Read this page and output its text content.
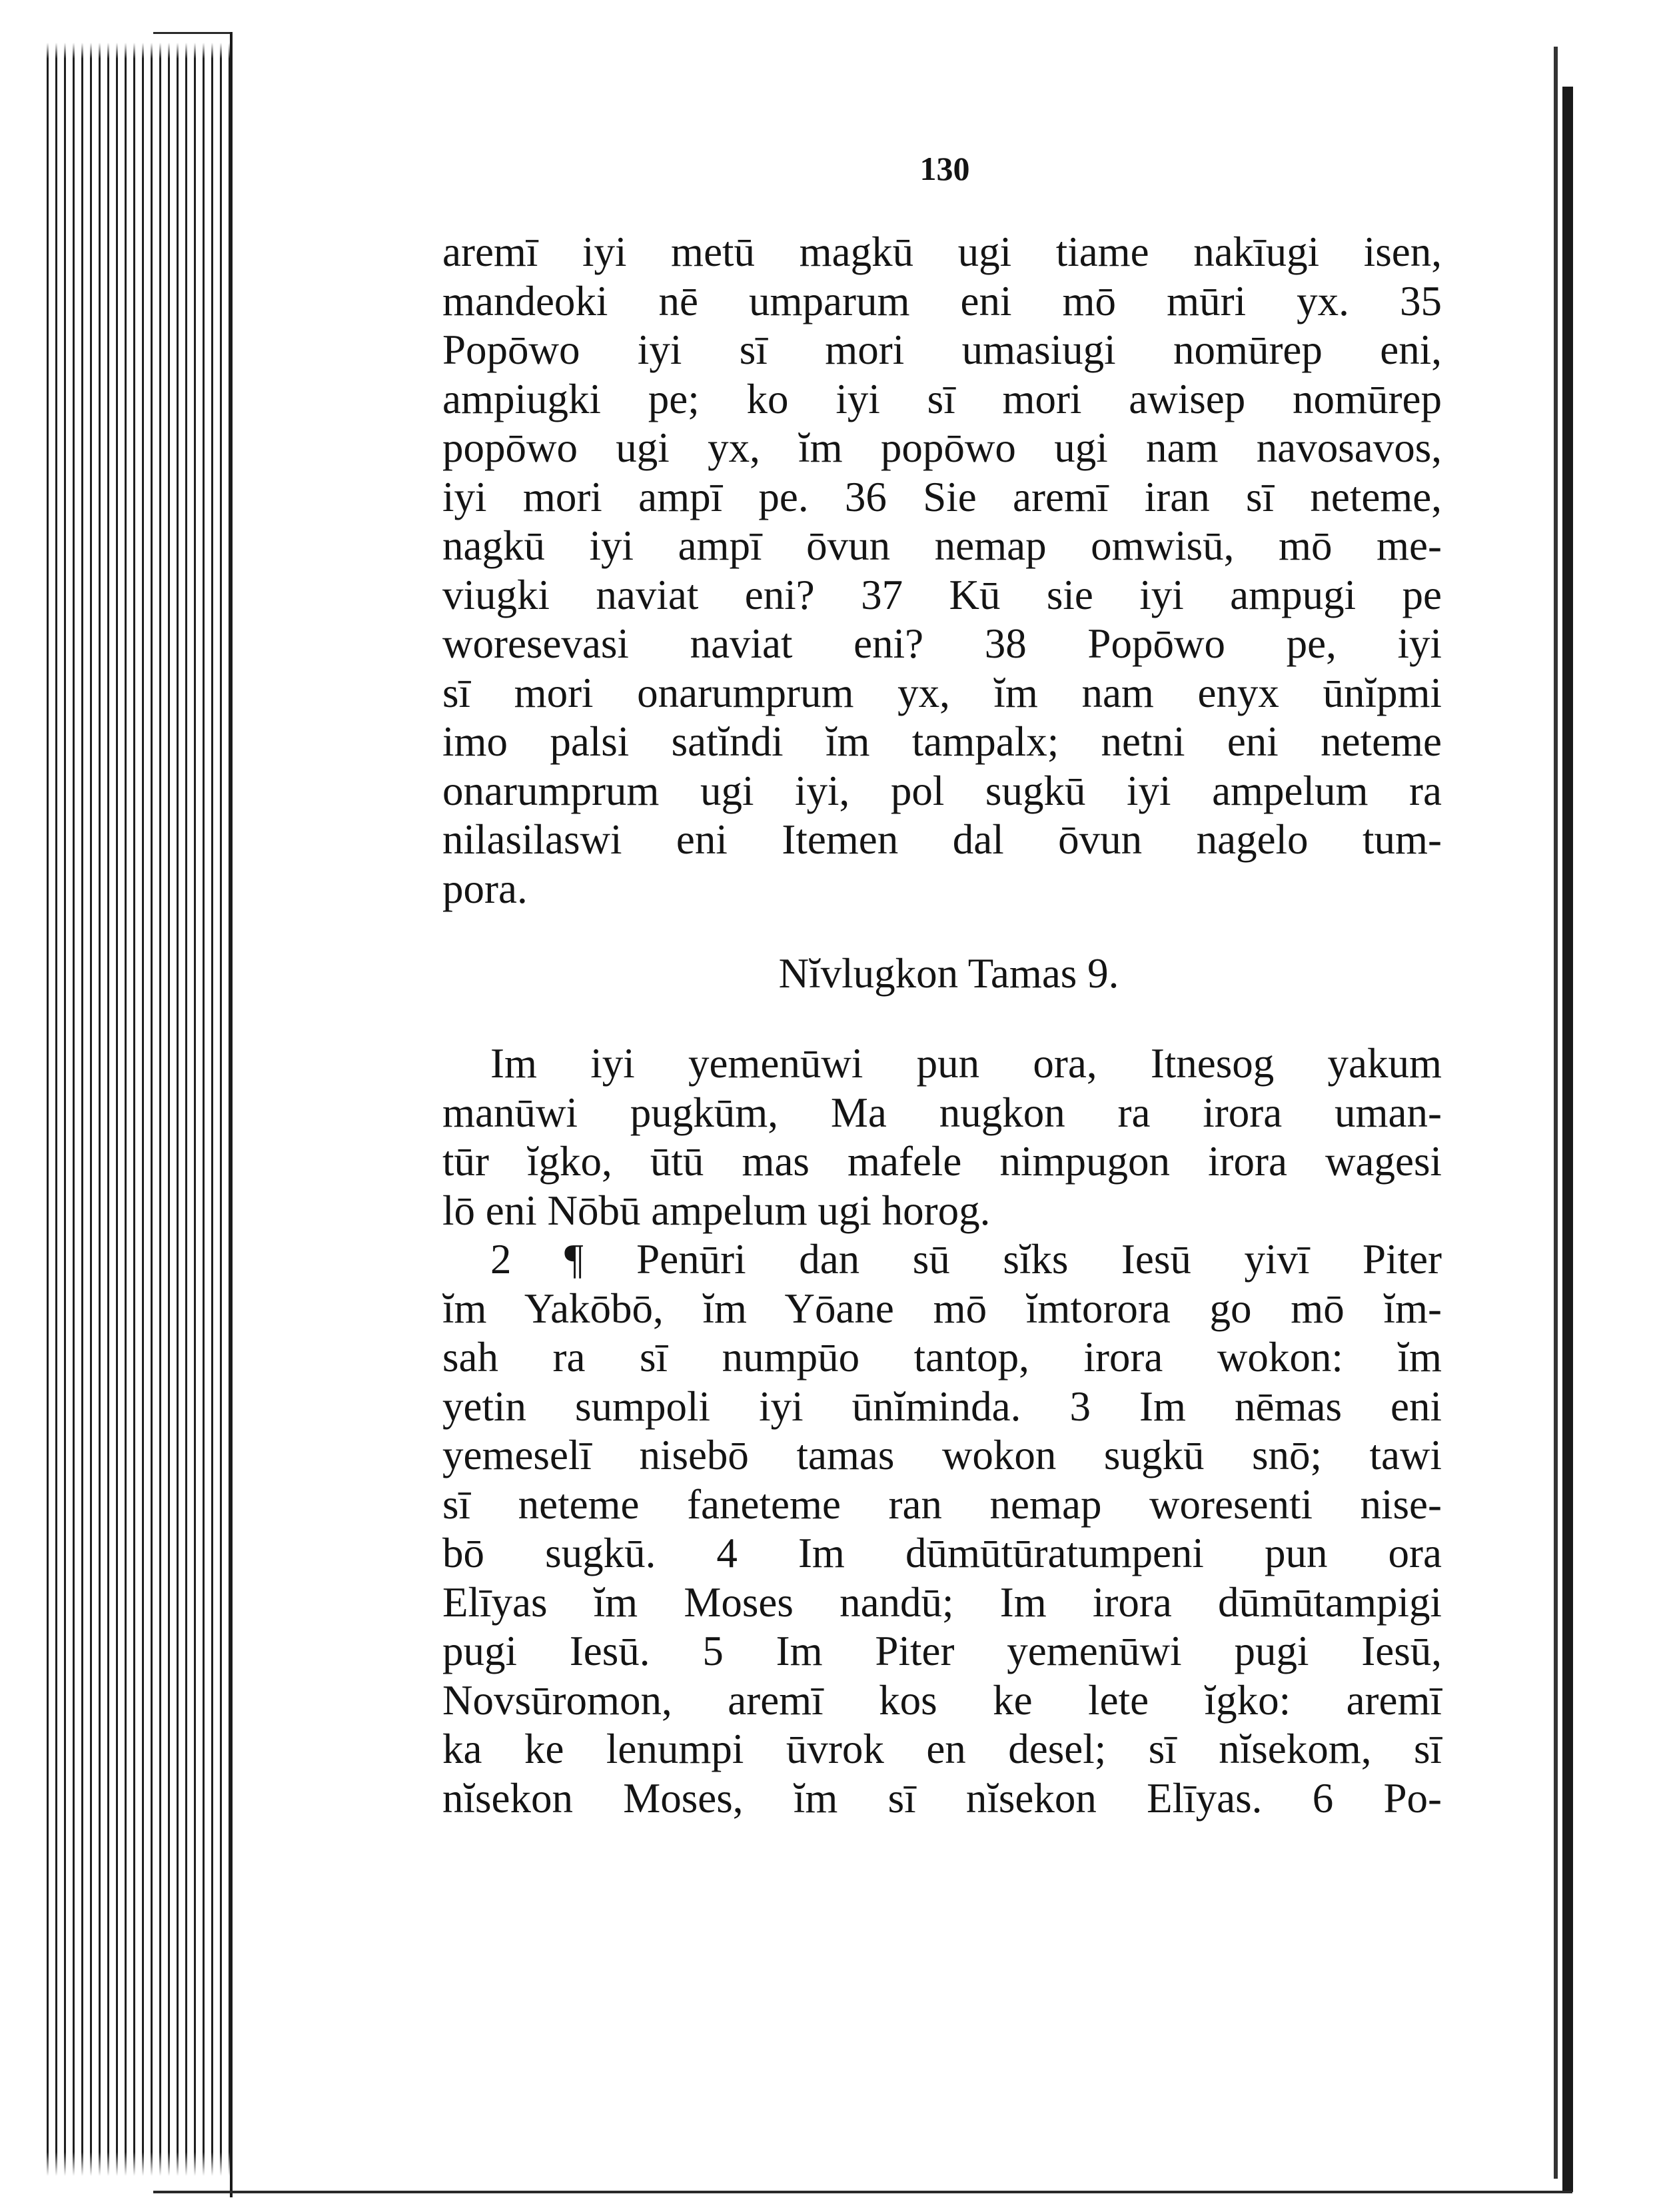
130
aremī iyi metū magkū ugi tiame nakīugi isen,
mandeoki nē umparum eni mō mūri yx. 35
Popōwo iyi sī mori umasiugi nomūrep eni,
ampiugki pe; ko iyi sī mori awisep nomūrep
popōwo ugi yx, ĭm popōwo ugi nam navosavos,
iyi mori ampī pe. 36 Sie aremī iran sī neteme,
nagkū iyi ampī ōvun nemap omwisū, mō me-
viugki naviat eni? 37 Kū sie iyi ampugi pe
woresevasi naviat eni? 38 Popōwo pe, iyi
sī mori onarumprum yx, ĭm nam enyx ūnĭpmi
imo palsi satĭndi ĭm tampalx; netni eni neteme
onarumprum ugi iyi, pol sugkū iyi ampelum ra
nilasilaswi eni Itemen dal ōvun nagelo tum-
pora.
Nĭvlugkon Tamas 9.
Im iyi yemenūwi pun ora, Itnesog yakum
manūwi pugkūm, Ma nugkon ra irora uman-
tūr ĭgko, ūtū mas mafele nimpugon irora wagesi
lō eni Nōbū ampelum ugi horog.
2 ¶ Penūri dan sū sĭks Iesū yivī Piter
ĭm Yakōbō, ĭm Yōane mō ĭmtorora go mō ĭm-
sah ra sī numpūo tantop, irora wokon: ĭm
yetin sumpoli iyi ūnĭminda. 3 Im nēmas eni
yemeselī nisebō tamas wokon sugkū snō; tawi
sī neteme faneteme ran nemap woresenti nise-
bō sugkū. 4 Im dūmūtūratumpeni pun ora
Elīyas ĭm Moses nandū; Im irora dūmūtampigi
pugi Iesū. 5 Im Piter yemenūwi pugi Iesū,
Novsūromon, aremī kos ke lete ĭgko: aremī
ka ke lenumpi ūvrok en desel; sī nĭsekom, sī
nĭsekon Moses, ĭm sī nĭsekon Elīyas. 6 Po-
